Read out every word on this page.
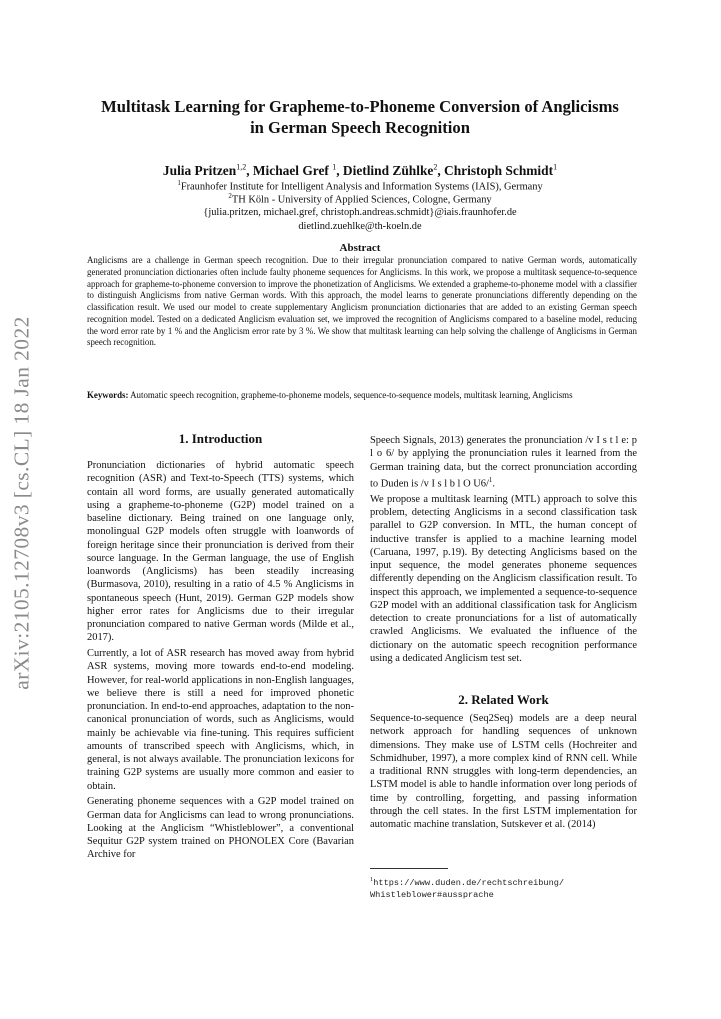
arXiv:2105.12708v3 [cs.CL] 18 Jan 2022
Multitask Learning for Grapheme-to-Phoneme Conversion of Anglicisms
in German Speech Recognition
Julia Pritzen$^{1,2}$, Michael Gref $^1$, Dietlind Zühlke$^2$, Christoph Schmidt$^1$
$^1$Fraunhofer Institute for Intelligent Analysis and Information Systems (IAIS), Germany
$^2$TH Köln - University of Applied Sciences, Cologne, Germany
{julia.pritzen, michael.gref, christoph.andreas.schmidt}@iais.fraunhofer.de
dietlind.zuehlke@th-koeln.de
Abstract
Anglicisms are a challenge in German speech recognition. Due to their irregular pronunciation compared to native German words, automatically generated pronunciation dictionaries often include faulty phoneme sequences for Anglicisms. In this work, we propose a multitask sequence-to-sequence approach for grapheme-to-phoneme conversion to improve the phonetization of Anglicisms. We extended a grapheme-to-phoneme model with a classifier to distinguish Anglicisms from native German words. With this approach, the model learns to generate pronunciations differently depending on the classification result. We used our model to create supplementary Anglicism pronunciation dictionaries that are added to an existing German speech recognition model. Tested on a dedicated Anglicism evaluation set, we improved the recognition of Anglicisms compared to a baseline model, reducing the word error rate by 1 % and the Anglicism error rate by 3 %. We show that multitask learning can help solving the challenge of Anglicisms in German speech recognition.
Keywords: Automatic speech recognition, grapheme-to-phoneme models, sequence-to-sequence models, multitask learning, Anglicisms
1. Introduction

Pronunciation dictionaries of hybrid automatic speech recognition (ASR) and Text-to-Speech (TTS) systems, which contain all word forms, are usually generated automatically using a grapheme-to-phoneme (G2P) model trained on a baseline dictionary. Being trained on one language only, monolingual G2P models often struggle with loanwords of foreign heritage since their pronunciation is derived from their source language. In the German language, the use of English loanwords (Anglicisms) has been steadily increasing (Burmasova, 2010), resulting in a ratio of 4.5 % Anglicisms in spontaneous speech (Hunt, 2019). German G2P models show higher error rates for Anglicisms due to their irregular pronunciation compared to native German words (Milde et al., 2017).

Currently, a lot of ASR research has moved away from hybrid ASR systems, moving more towards end-to-end modeling. However, for real-world applications in non-English languages, we believe there is still a need for improved phonetic pronunciation. In end-to-end approaches, adaptation to the non-canonical pronunciation of words, such as Anglicisms, would mainly be achievable via fine-tuning. This requires sufficient amounts of transcribed speech with Anglicisms, which, in general, is not always available. The pronunciation lexicons for training G2P systems are usually more common and easier to obtain.

Generating phoneme sequences with a G2P model trained on German data for Anglicisms can lead to wrong pronunciations. Looking at the Anglicism “Whistleblower”, a conventional Sequitur G2P system trained on PHONOLEX Core (Bavarian Archive for

Speech Signals, 2013) generates the pronunciation /v I s t l e: p l o 6/ by applying the pronunciation rules it learned from the German training data, but the correct pronunciation according to Duden is /v I s l b l O U6/$^1$.

We propose a multitask learning (MTL) approach to solve this problem, detecting Anglicisms in a second classification task parallel to G2P conversion. In MTL, the human concept of inductive transfer is applied to a machine learning model (Caruana, 1997, p.19). By detecting Anglicisms based on the input sequence, the model generates phoneme sequences differently depending on the Anglicism classification result. To inspect this approach, we implemented a sequence-to-sequence G2P model with an additional classification task for Anglicism detection to create pronunciations for a list of automatically crawled Anglicisms. We evaluated the influence of the dictionary on the automatic speech recognition performance using a dedicated Anglicism test set.

2. Related Work

Sequence-to-sequence (Seq2Seq) models are a deep neural network approach for handling sequences of unknown dimensions. They make use of LSTM cells (Hochreiter and Schmidhuber, 1997), a more complex kind of RNN cell. While a traditional RNN struggles with long-term dependencies, an LSTM model is able to handle information over long periods of time by controlling, forgetting, and passing information through the cell states. In the first LSTM implementation for automatic machine translation, Sutskever et al. (2014)

$^1$https://www.duden.de/rechtschreibung/
Whistleblower#aussprache
